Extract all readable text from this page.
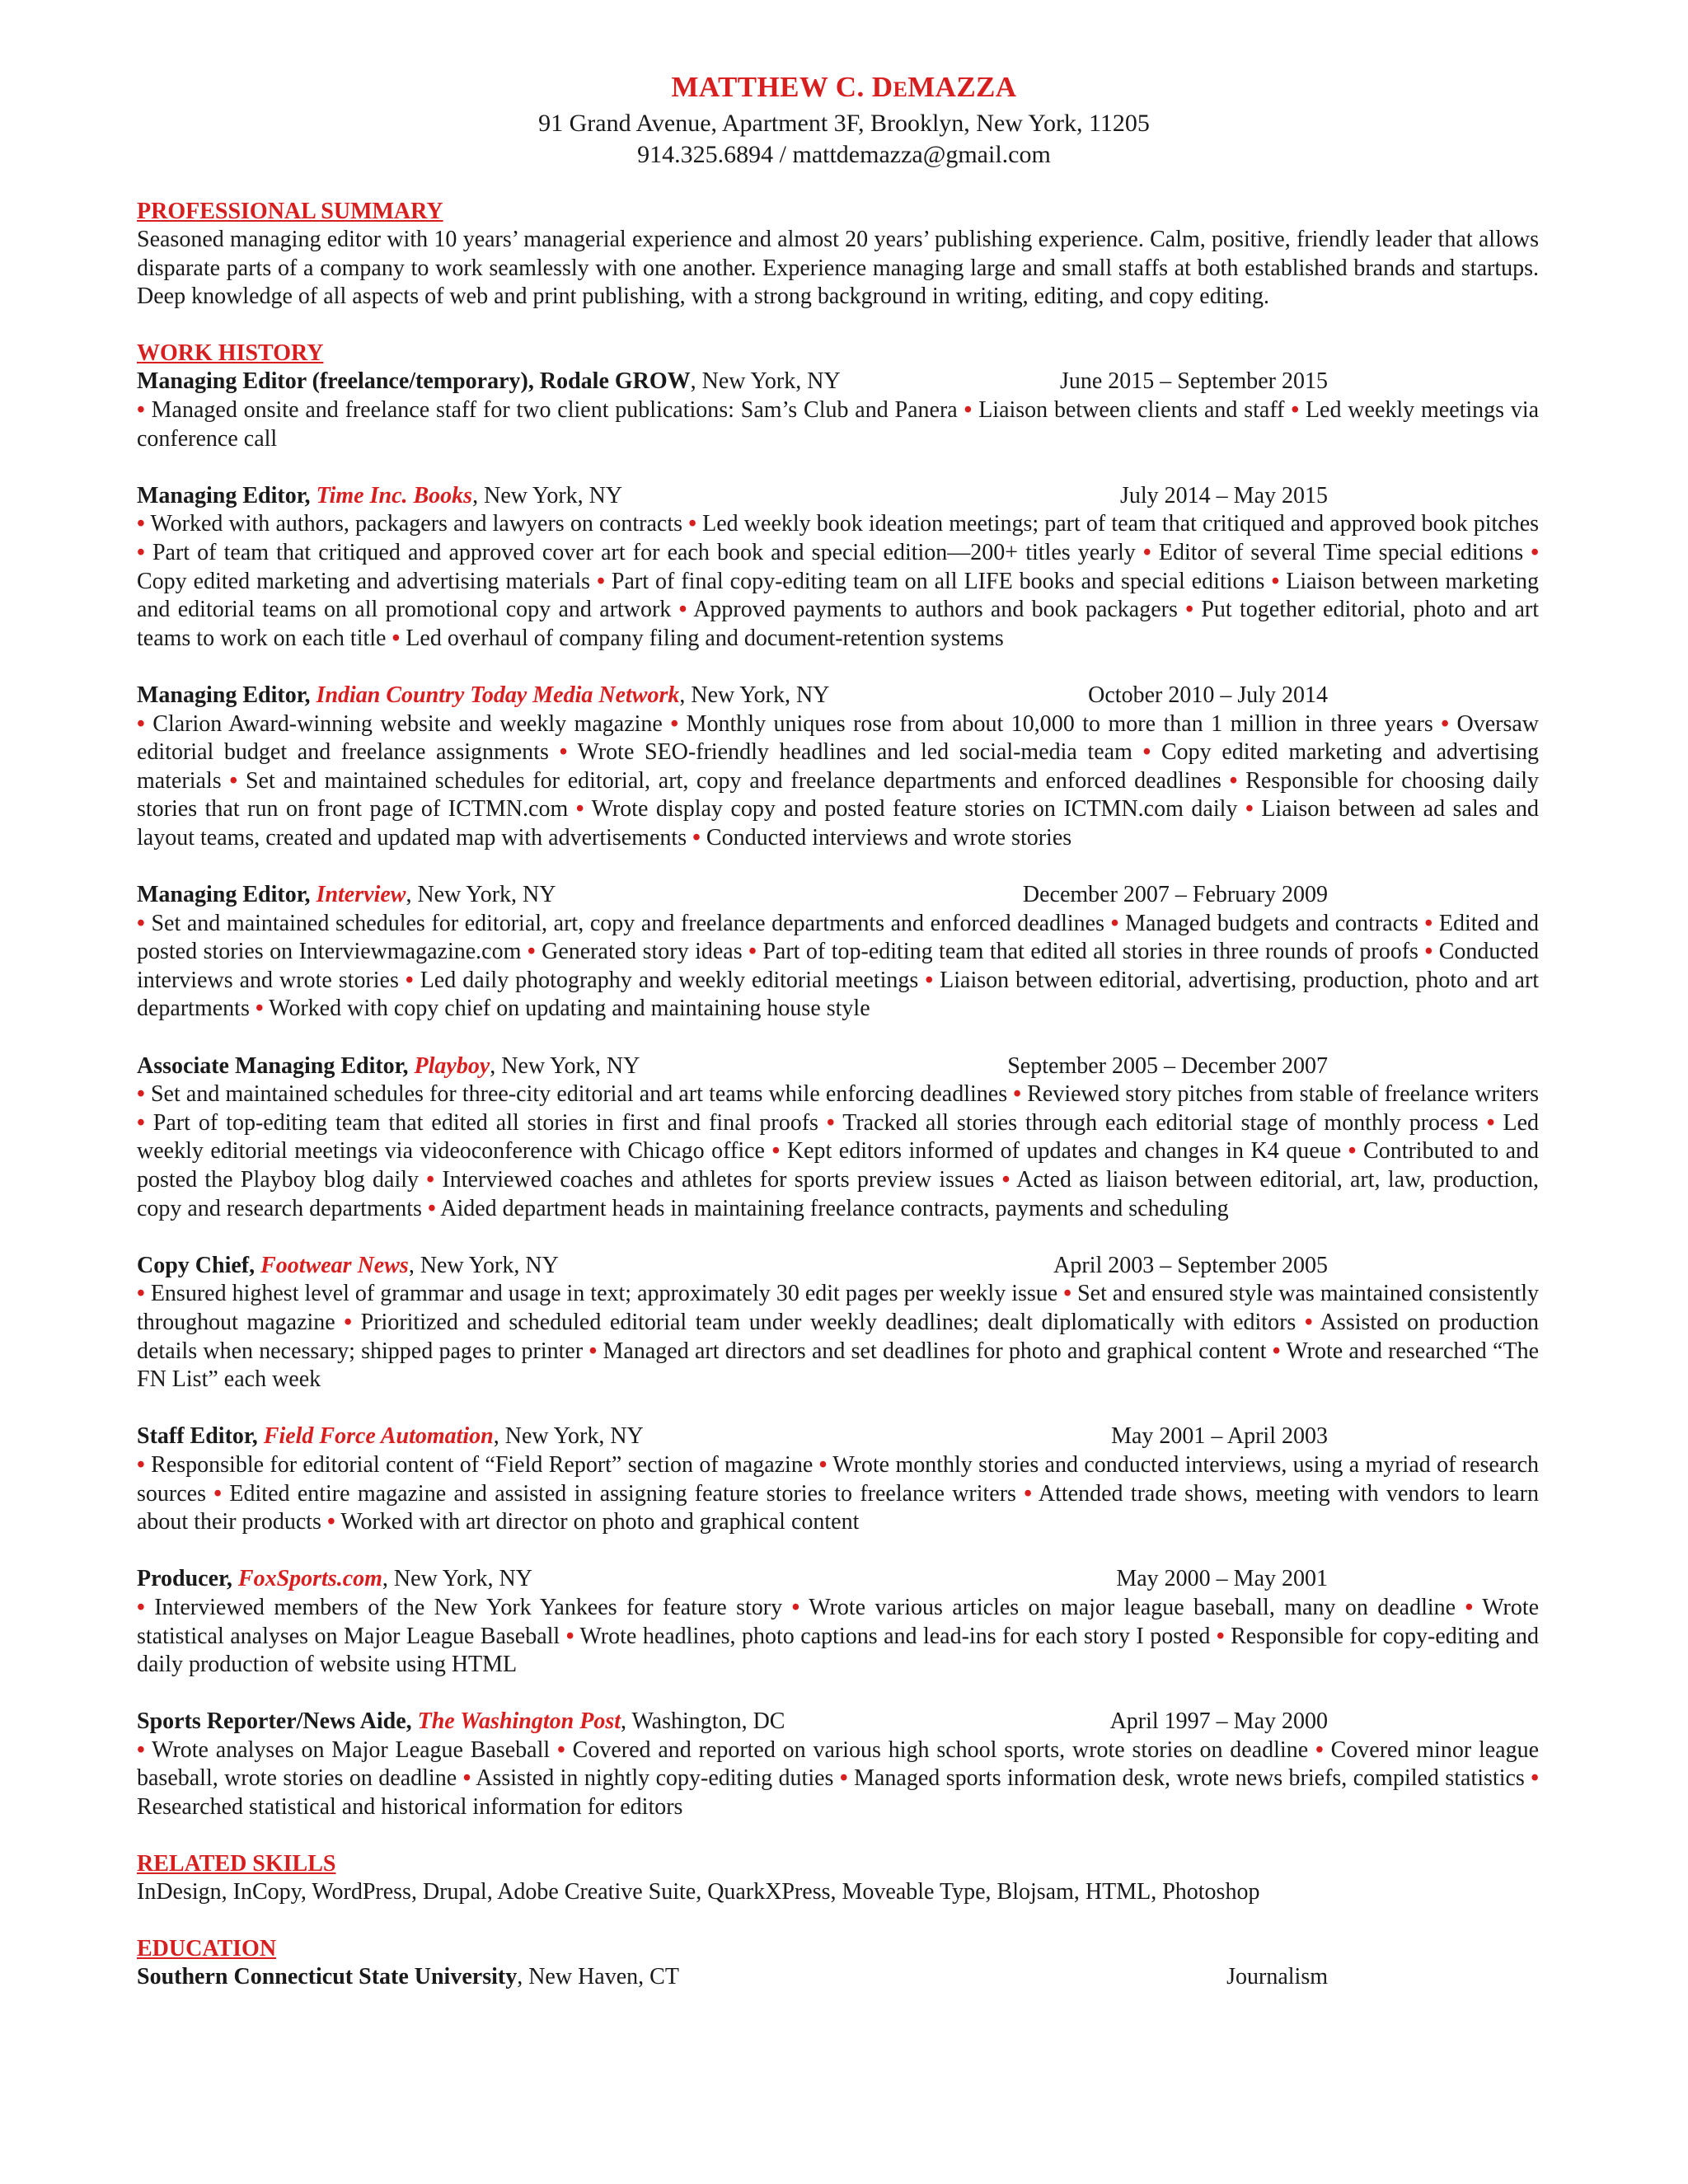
MATTHEW C. DEMAZZA
91 Grand Avenue, Apartment 3F, Brooklyn, New York, 11205
914.325.6894 / mattdemazza@gmail.com
PROFESSIONAL SUMMARY

Seasoned managing editor with 10 years’ managerial experience and almost 20 years’ publishing experience. Calm, positive, friendly leader that allows disparate parts of a company to work seamlessly with one another. Experience managing large and small staffs at both established brands and startups. Deep knowledge of all aspects of web and print publishing, with a strong background in writing, editing, and copy editing.

WORK HISTORY
Managing Editor (freelance/temporary), Rodale GROW, New York, NY	June 2015 – September 2015

• Managed onsite and freelance staff for two client publications: Sam’s Club and Panera • Liaison between clients and staff • Led weekly meetings via conference call

Managing Editor, Time Inc. Books, New York, NY	July 2014 – May 2015

• Worked with authors, packagers and lawyers on contracts • Led weekly book ideation meetings; part of team that critiqued and approved book pitches • Part of team that critiqued and approved cover art for each book and special edition—200+ titles yearly • Editor of several Time special editions • Copy edited marketing and advertising materials • Part of final copy-editing team on all LIFE books and special editions • Liaison between marketing and editorial teams on all promotional copy and artwork • Approved payments to authors and book packagers • Put together editorial, photo and art teams to work on each title • Led overhaul of company filing and document-retention systems

Managing Editor, Indian Country Today Media Network, New York, NY	October 2010 – July 2014

• Clarion Award-winning website and weekly magazine • Monthly uniques rose from about 10,000 to more than 1 million in three years • Oversaw editorial budget and freelance assignments • Wrote SEO-friendly headlines and led social-media team • Copy edited marketing and advertising materials • Set and maintained schedules for editorial, art, copy and freelance departments and enforced deadlines • Responsible for choosing daily stories that run on front page of ICTMN.com • Wrote display copy and posted feature stories on ICTMN.com daily • Liaison between ad sales and layout teams, created and updated map with advertisements • Conducted interviews and wrote stories

Managing Editor, Interview, New York, NY	December 2007 – February 2009

• Set and maintained schedules for editorial, art, copy and freelance departments and enforced deadlines • Managed budgets and contracts • Edited and posted stories on Interviewmagazine.com • Generated story ideas • Part of top-editing team that edited all stories in three rounds of proofs • Conducted interviews and wrote stories • Led daily photography and weekly editorial meetings • Liaison between editorial, advertising, production, photo and art departments • Worked with copy chief on updating and maintaining house style

Associate Managing Editor, Playboy, New York, NY	September 2005 – December 2007

• Set and maintained schedules for three-city editorial and art teams while enforcing deadlines • Reviewed story pitches from stable of freelance writers • Part of top-editing team that edited all stories in first and final proofs • Tracked all stories through each editorial stage of monthly process • Led weekly editorial meetings via videoconference with Chicago office • Kept editors informed of updates and changes in K4 queue • Contributed to and posted the Playboy blog daily • Interviewed coaches and athletes for sports preview issues • Acted as liaison between editorial, art, law, production, copy and research departments • Aided department heads in maintaining freelance contracts, payments and scheduling

Copy Chief, Footwear News, New York, NY	April 2003 – September 2005

• Ensured highest level of grammar and usage in text; approximately 30 edit pages per weekly issue • Set and ensured style was maintained consistently throughout magazine • Prioritized and scheduled editorial team under weekly deadlines; dealt diplomatically with editors • Assisted on production details when necessary; shipped pages to printer • Managed art directors and set deadlines for photo and graphical content • Wrote and researched “The FN List” each week

Staff Editor, Field Force Automation, New York, NY	May 2001 – April 2003

• Responsible for editorial content of “Field Report” section of magazine • Wrote monthly stories and conducted interviews, using a myriad of research sources • Edited entire magazine and assisted in assigning feature stories to freelance writers • Attended trade shows, meeting with vendors to learn about their products • Worked with art director on photo and graphical content

Producer, FoxSports.com, New York, NY	May 2000 – May 2001

• Interviewed members of the New York Yankees for feature story • Wrote various articles on major league baseball, many on deadline • Wrote statistical analyses on Major League Baseball • Wrote headlines, photo captions and lead-ins for each story I posted • Responsible for copy-editing and daily production of website using HTML

Sports Reporter/News Aide, The Washington Post, Washington, DC	April 1997 – May 2000

• Wrote analyses on Major League Baseball • Covered and reported on various high school sports, wrote stories on deadline • Covered minor league baseball, wrote stories on deadline • Assisted in nightly copy-editing duties • Managed sports information desk, wrote news briefs, compiled statistics • Researched statistical and historical information for editors

RELATED SKILLS

InDesign, InCopy, WordPress, Drupal, Adobe Creative Suite, QuarkXPress, Moveable Type, Blojsam, HTML, Photoshop

EDUCATION
Southern Connecticut State University, New Haven, CT	Journalism
